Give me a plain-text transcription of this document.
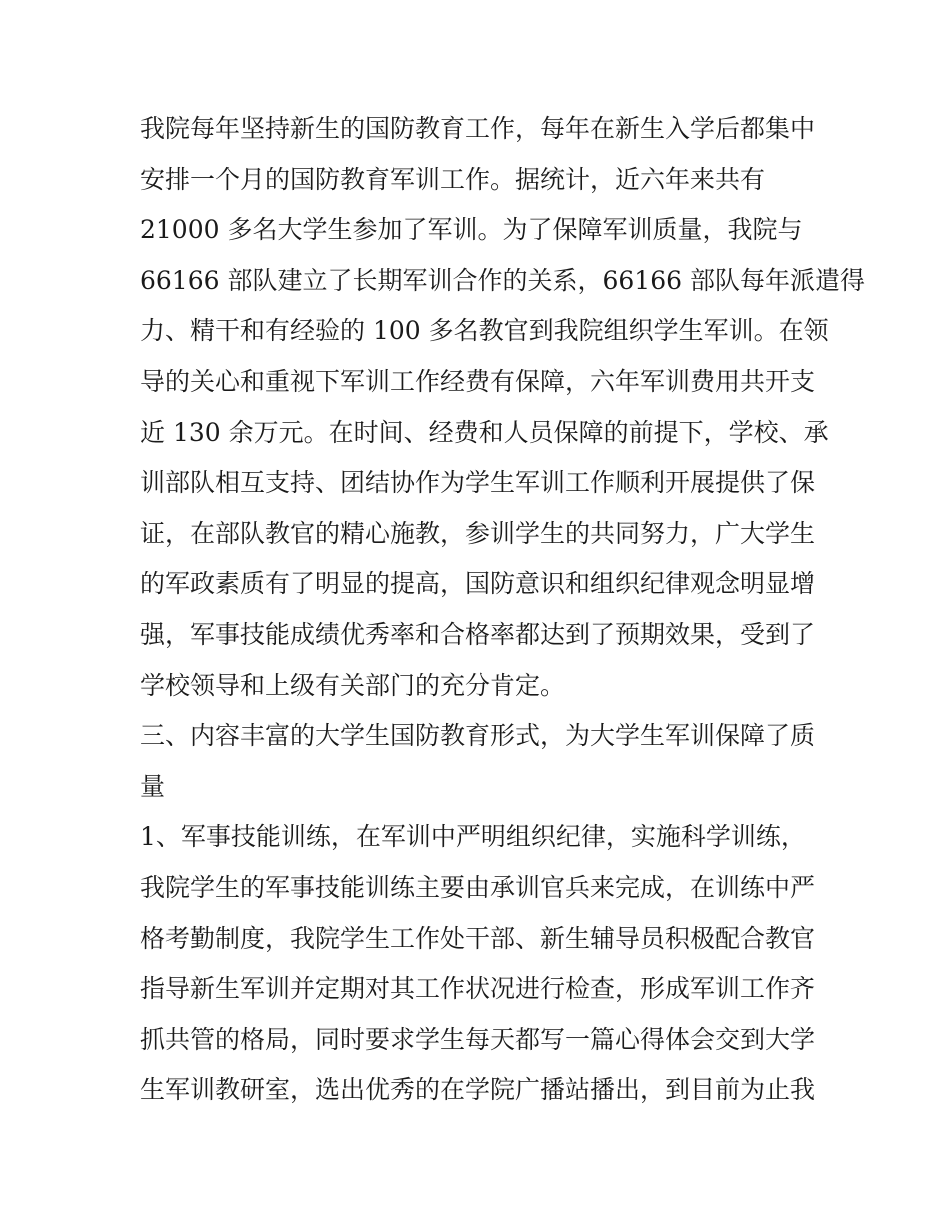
我院每年坚持新生的国防教育工作，每年在新生入学后都集中

安排一个月的国防教育军训工作。据统计，近六年来共有

21000 多名大学生参加了军训。为了保障军训质量，我院与

66166 部队建立了长期军训合作的关系，66166 部队每年派遣得

力、精干和有经验的 100 多名教官到我院组织学生军训。在领

导的关心和重视下军训工作经费有保障，六年军训费用共开支

近 130 余万元。在时间、经费和人员保障的前提下，学校、承

训部队相互支持、团结协作为学生军训工作顺利开展提供了保

证，在部队教官的精心施教，参训学生的共同努力，广大学生

的军政素质有了明显的提高，国防意识和组织纪律观念明显增

强，军事技能成绩优秀率和合格率都达到了预期效果，受到了

学校领导和上级有关部门的充分肯定。

三、内容丰富的大学生国防教育形式，为大学生军训保障了质

量

1、军事技能训练，在军训中严明组织纪律，实施科学训练，

我院学生的军事技能训练主要由承训官兵来完成，在训练中严

格考勤制度，我院学生工作处干部、新生辅导员积极配合教官

指导新生军训并定期对其工作状况进行检查，形成军训工作齐

抓共管的格局，同时要求学生每天都写一篇心得体会交到大学

生军训教研室，选出优秀的在学院广播站播出，到目前为止我
